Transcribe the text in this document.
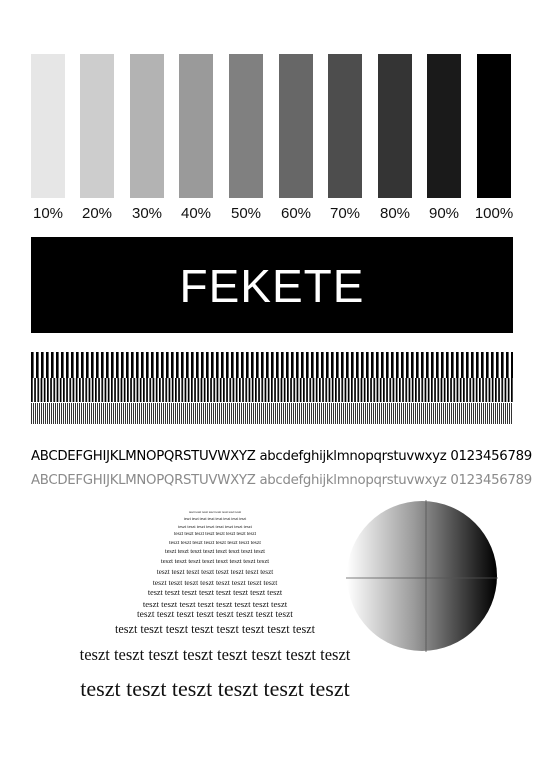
10%	20%	30%	40%	50%	60%	70%	80%	90%	100%
FEKETE
ABCDEFGHIJKLMNOPQRSTUVWXYZ abcdefghijklmnopqrstuvwxyz 0123456789
ABCDEFGHIJKLMNOPQRSTUVWXYZ abcdefghijklmnopqrstuvwxyz 0123456789
teszt teszt teszt teszt teszt teszt teszt teszt
teszt teszt teszt teszt teszt teszt teszt teszt
teszt teszt teszt teszt teszt teszt teszt teszt
teszt teszt teszt teszt teszt teszt teszt teszt
teszt teszt teszt teszt teszt teszt teszt teszt
teszt teszt teszt teszt teszt teszt teszt teszt
teszt teszt teszt teszt teszt teszt teszt teszt
teszt teszt teszt teszt teszt teszt teszt teszt
teszt teszt teszt teszt teszt teszt teszt teszt
teszt teszt teszt teszt teszt teszt teszt teszt
teszt teszt teszt teszt teszt teszt teszt teszt
teszt teszt teszt teszt teszt teszt teszt teszt
teszt teszt teszt teszt teszt teszt teszt teszt
teszt teszt teszt teszt teszt teszt teszt teszt
teszt teszt teszt teszt teszt teszt
